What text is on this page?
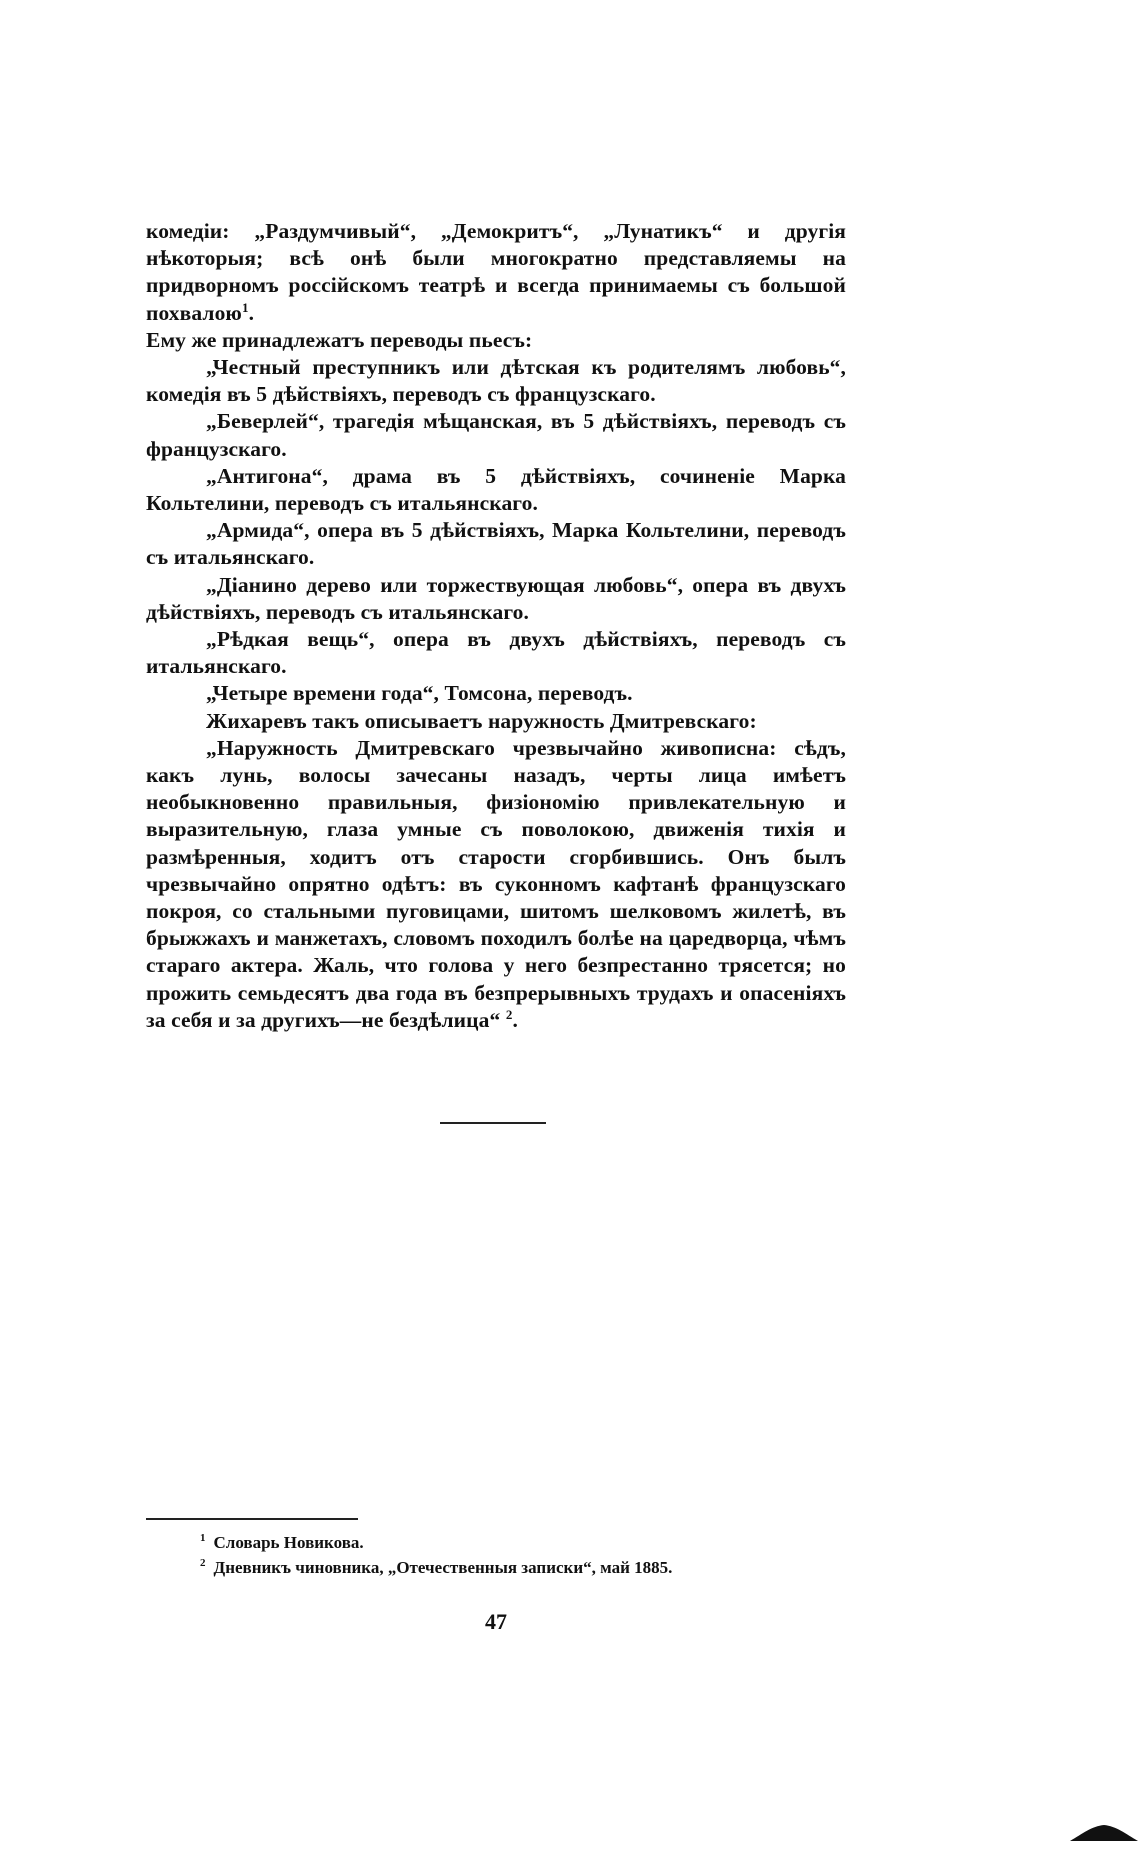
комедіи: „Раздумчивый“, „Демокритъ“, „Лунатикъ“ и другія нѣкоторыя; всѣ онѣ были многократно представляемы на придворномъ россійскомъ театрѣ и всегда принимаемы съ большой похвалою$^1$.

Ему же принадлежатъ переводы пьесъ:

„Честный преступникъ или дѣтская къ родителямъ любовь“, комедія въ 5 дѣйствіяхъ, переводъ съ французскаго.

„Беверлей“, трагедія мѣщанская, въ 5 дѣйствіяхъ, переводъ съ французскаго.

„Антигона“, драма въ 5 дѣйствіяхъ, сочиненіе Марка Кольтелини, переводъ съ итальянскаго.

„Армида“, опера въ 5 дѣйствіяхъ, Марка Кольтелини, переводъ съ итальянскаго.

„Діанино дерево или торжествующая любовь“, опера въ двухъ дѣйствіяхъ, переводъ съ итальянскаго.

„Рѣдкая вещь“, опера въ двухъ дѣйствіяхъ, переводъ съ итальянскаго.

„Четыре времени года“, Томсона, переводъ.

Жихаревъ такъ описываетъ наружность Дмитревскаго:

„Наружность Дмитревскаго чрезвычайно живописна: сѣдъ, какъ лунь, волосы зачесаны назадъ, черты лица имѣетъ необыкновенно правильныя, физіономію привлекательную и выразительную, глаза умные съ поволокою, движенія тихія и размѣренныя, ходитъ отъ старости сгорбившись. Онъ былъ чрезвычайно опрятно одѣтъ: въ суконномъ кафтанѣ французскаго покроя, со стальными пуговицами, шитомъ шелковомъ жилетѣ, въ брыжжахъ и манжетахъ, словомъ походилъ болѣе на царедворца, чѣмъ стараго актера. Жаль, что голова у него безпрестанно трясется; но прожить семьдесятъ два года въ безпрерывныхъ трудахъ и опасеніяхъ за себя и за другихъ—не бездѣлица“ $^2$.

$^1$ Словарь Новикова.

$^2$ Дневникъ чиновника, „Отечественныя записки“, май 1885.

47
